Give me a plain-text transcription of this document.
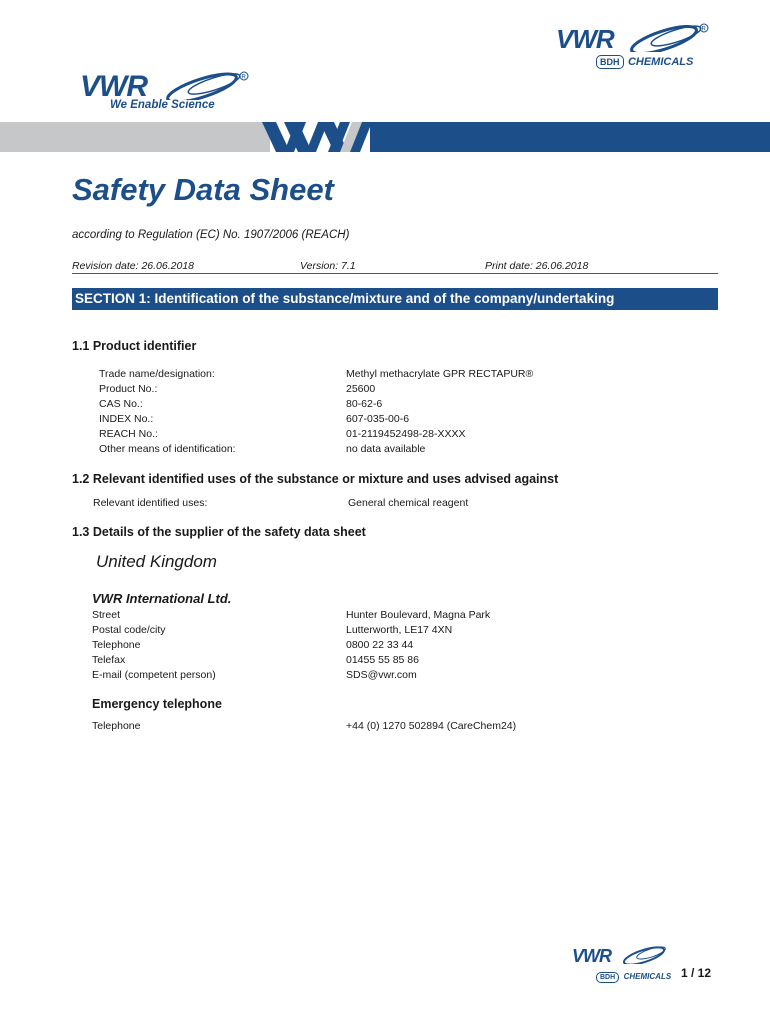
VWR	R
BDH CHEMICALS
VWR	R
We Enable Science
Safety Data Sheet
according to Regulation (EC) No. 1907/2006 (REACH)
Revision date: 26.06.2018	Version: 7.1	Print date: 26.06.2018
SECTION 1: Identification of the substance/mixture and of the company/undertaking
1.1 Product identifier
Trade name/designation:	Methyl methacrylate GPR RECTAPUR®
Product No.:	25600
CAS No.:	80-62-6
INDEX No.:	607-035-00-6
REACH No.:	01-2119452498-28-XXXX
Other means of identification:	no data available
1.2 Relevant identified uses of the substance or mixture and uses advised against
Relevant identified uses:	General chemical reagent
1.3 Details of the supplier of the safety data sheet
United Kingdom
VWR International Ltd.
Street	Hunter Boulevard, Magna Park
Postal code/city	Lutterworth, LE17 4XN
Telephone	0800 22 33 44
Telefax	01455 55 85 86
E-mail (competent person)	SDS@vwr.com
Emergency telephone
Telephone	+44 (0) 1270 502894 (CareChem24)
VWR
BDH CHEMICALS 1 / 12
